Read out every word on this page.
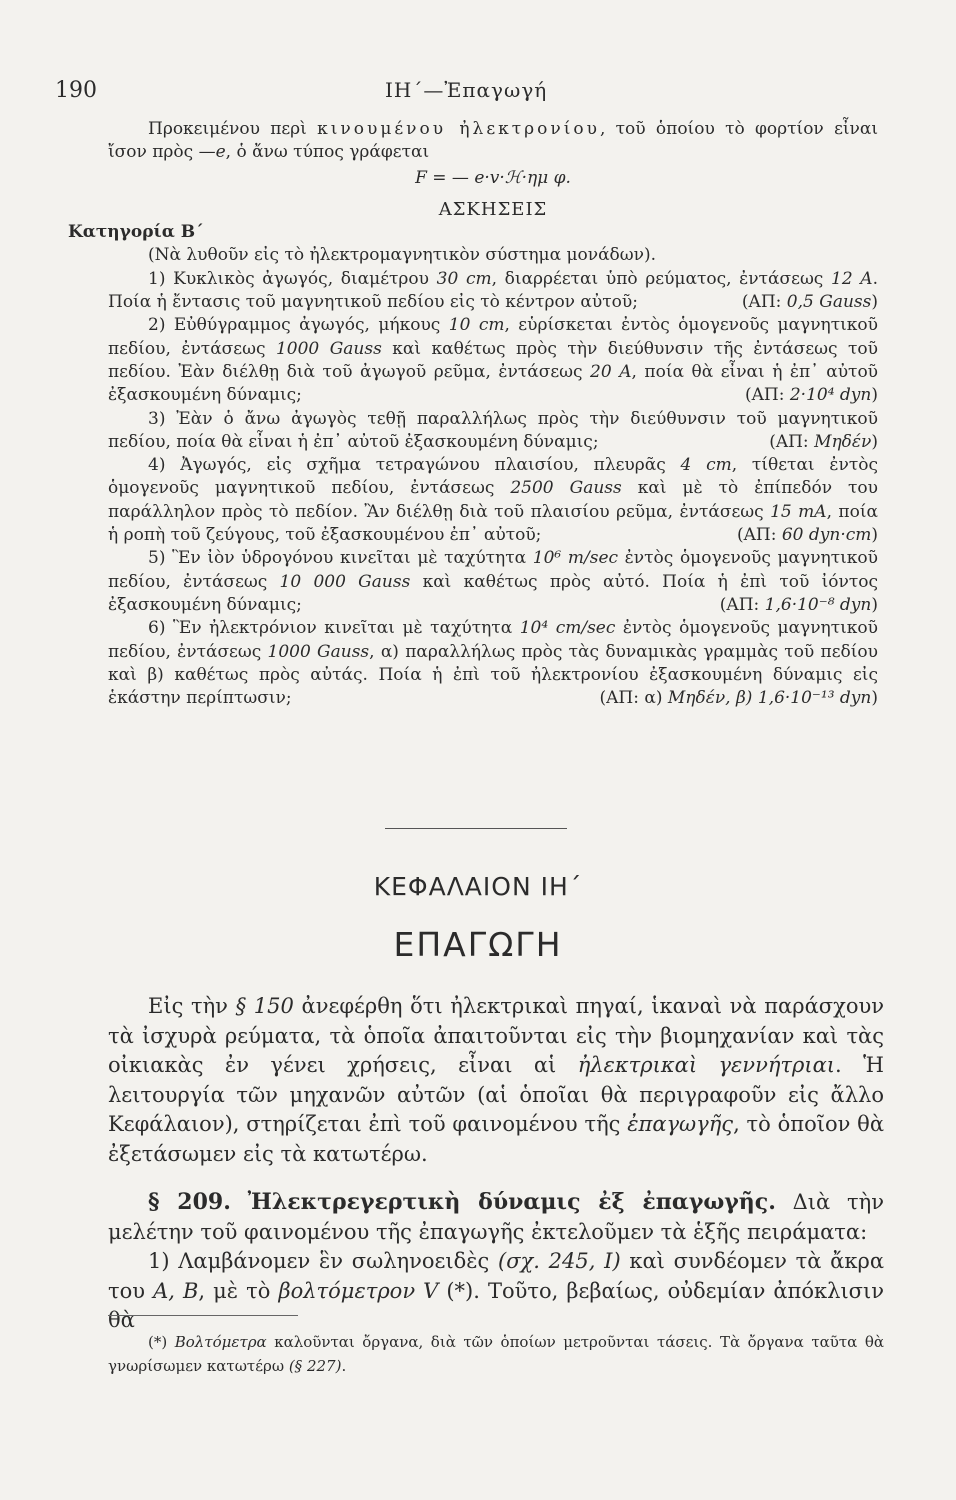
190	ΙΗ΄—Ἐπαγωγή

Προκειμένου περὶ κινουμένου ἠλεκτρονίου, τοῦ ὁποίου τὸ φορτίον εἶναι ἴσον πρὸς —e, ὁ ἄνω τύπος γράφεται

F = — e·v·ℋ·ημ φ.

ΑΣΚΗΣΕΙΣ
Κατηγορία Β΄

(Νὰ λυθοῦν εἰς τὸ ἠλεκτρομαγνητικὸν σύστημα μονάδων).

1) Κυκλικὸς ἀγωγός, διαμέτρου 30 cm, διαρρέεται ὑπὸ ρεύματος, ἐντάσεως 12 A. Ποία ἡ ἔντασις τοῦ μαγνητικοῦ πεδίου εἰς τὸ κέντρον αὐτοῦ;	(ΑΠ: 0,5 Gauss)

2) Εὐθύγραμμος ἀγωγός, μήκους 10 cm, εὑρίσκεται ἐντὸς ὁμογενοῦς μαγνητικοῦ πεδίου, ἐντάσεως 1000 Gauss καὶ καθέτως πρὸς τὴν διεύθυνσιν τῆς ἐντάσεως τοῦ πεδίου. Ἐὰν διέλθῃ διὰ τοῦ ἀγωγοῦ ρεῦμα, ἐντάσεως 20 A, ποία θὰ εἶναι ἡ ἐπ᾽ αὐτοῦ ἐξασκουμένη δύναμις;	(ΑΠ: 2·10⁴ dyn)

3) Ἐὰν ὁ ἄνω ἀγωγὸς τεθῇ παραλλήλως πρὸς τὴν διεύθυνσιν τοῦ μαγνητικοῦ πεδίου, ποία θὰ εἶναι ἡ ἐπ᾽ αὐτοῦ ἐξασκουμένη δύναμις;	(ΑΠ: Μηδέν)

4) Ἀγωγός, εἰς σχῆμα τετραγώνου πλαισίου, πλευρᾶς 4 cm, τίθεται ἐντὸς ὁμογενοῦς μαγνητικοῦ πεδίου, ἐντάσεως 2500 Gauss καὶ μὲ τὸ ἐπίπεδόν του παράλληλον πρὸς τὸ πεδίον. Ἂν διέλθῃ διὰ τοῦ πλαισίου ρεῦμα, ἐντάσεως 15 mA, ποία ἡ ροπὴ τοῦ ζεύγους, τοῦ ἐξασκουμένου ἐπ᾽ αὐτοῦ;	(ΑΠ: 60 dyn·cm)

5) Ἓν ἰὸν ὑδρογόνου κινεῖται μὲ ταχύτητα 10⁶ m/sec ἐντὸς ὁμογενοῦς μαγνητικοῦ πεδίου, ἐντάσεως 10 000 Gauss καὶ καθέτως πρὸς αὐτό. Ποία ἡ ἐπὶ τοῦ ἰόντος ἐξασκουμένη δύναμις;	(ΑΠ: 1,6·10⁻⁸ dyn)

6) Ἓν ἠλεκτρόνιον κινεῖται μὲ ταχύτητα 10⁴ cm/sec ἐντὸς ὁμογενοῦς μαγνητικοῦ πεδίου, ἐντάσεως 1000 Gauss, α) παραλλήλως πρὸς τὰς δυναμικὰς γραμμὰς τοῦ πεδίου καὶ β) καθέτως πρὸς αὐτάς. Ποία ἡ ἐπὶ τοῦ ἠλεκτρονίου ἐξασκουμένη δύναμις εἰς ἑκάστην περίπτωσιν;	(ΑΠ: α) Μηδέν, β) 1,6·10⁻¹³ dyn)

ΚΕΦΑΛΑΙΟΝ ΙΗ΄
ΕΠΑΓΩΓΗ

Εἰς τὴν § 150 ἀνεφέρθη ὅτι ἠλεκτρικαὶ πηγαί, ἱκαναὶ νὰ παράσχουν τὰ ἰσχυρὰ ρεύματα, τὰ ὁποῖα ἀπαιτοῦνται εἰς τὴν βιομηχανίαν καὶ τὰς οἰκιακὰς ἐν γένει χρήσεις, εἶναι αἱ ἠλεκτρικαὶ γεννήτριαι. Ἡ λειτουργία τῶν μηχανῶν αὐτῶν (αἱ ὁποῖαι θὰ περιγραφοῦν εἰς ἄλλο Κεφάλαιον), στηρίζεται ἐπὶ τοῦ φαινομένου τῆς ἐπαγωγῆς, τὸ ὁποῖον θὰ ἐξετάσωμεν εἰς τὰ κατωτέρω.

§ 209. Ἠλεκτρεγερτικὴ δύναμις ἐξ ἐπαγωγῆς. Διὰ τὴν μελέτην τοῦ φαινομένου τῆς ἐπαγωγῆς ἐκτελοῦμεν τὰ ἑξῆς πειράματα:

1) Λαμβάνομεν ἓν σωληνοειδὲς (σχ. 245, I) καὶ συνδέομεν τὰ ἄκρα του A, B, μὲ τὸ βολτόμετρον V (*). Τοῦτο, βεβαίως, οὐδεμίαν ἀπόκλισιν θὰ

(*) Βολτόμετρα καλοῦνται ὄργανα, διὰ τῶν ὁποίων μετροῦνται τάσεις. Τὰ ὄργανα ταῦτα θὰ γνωρίσωμεν κατωτέρω (§ 227).
